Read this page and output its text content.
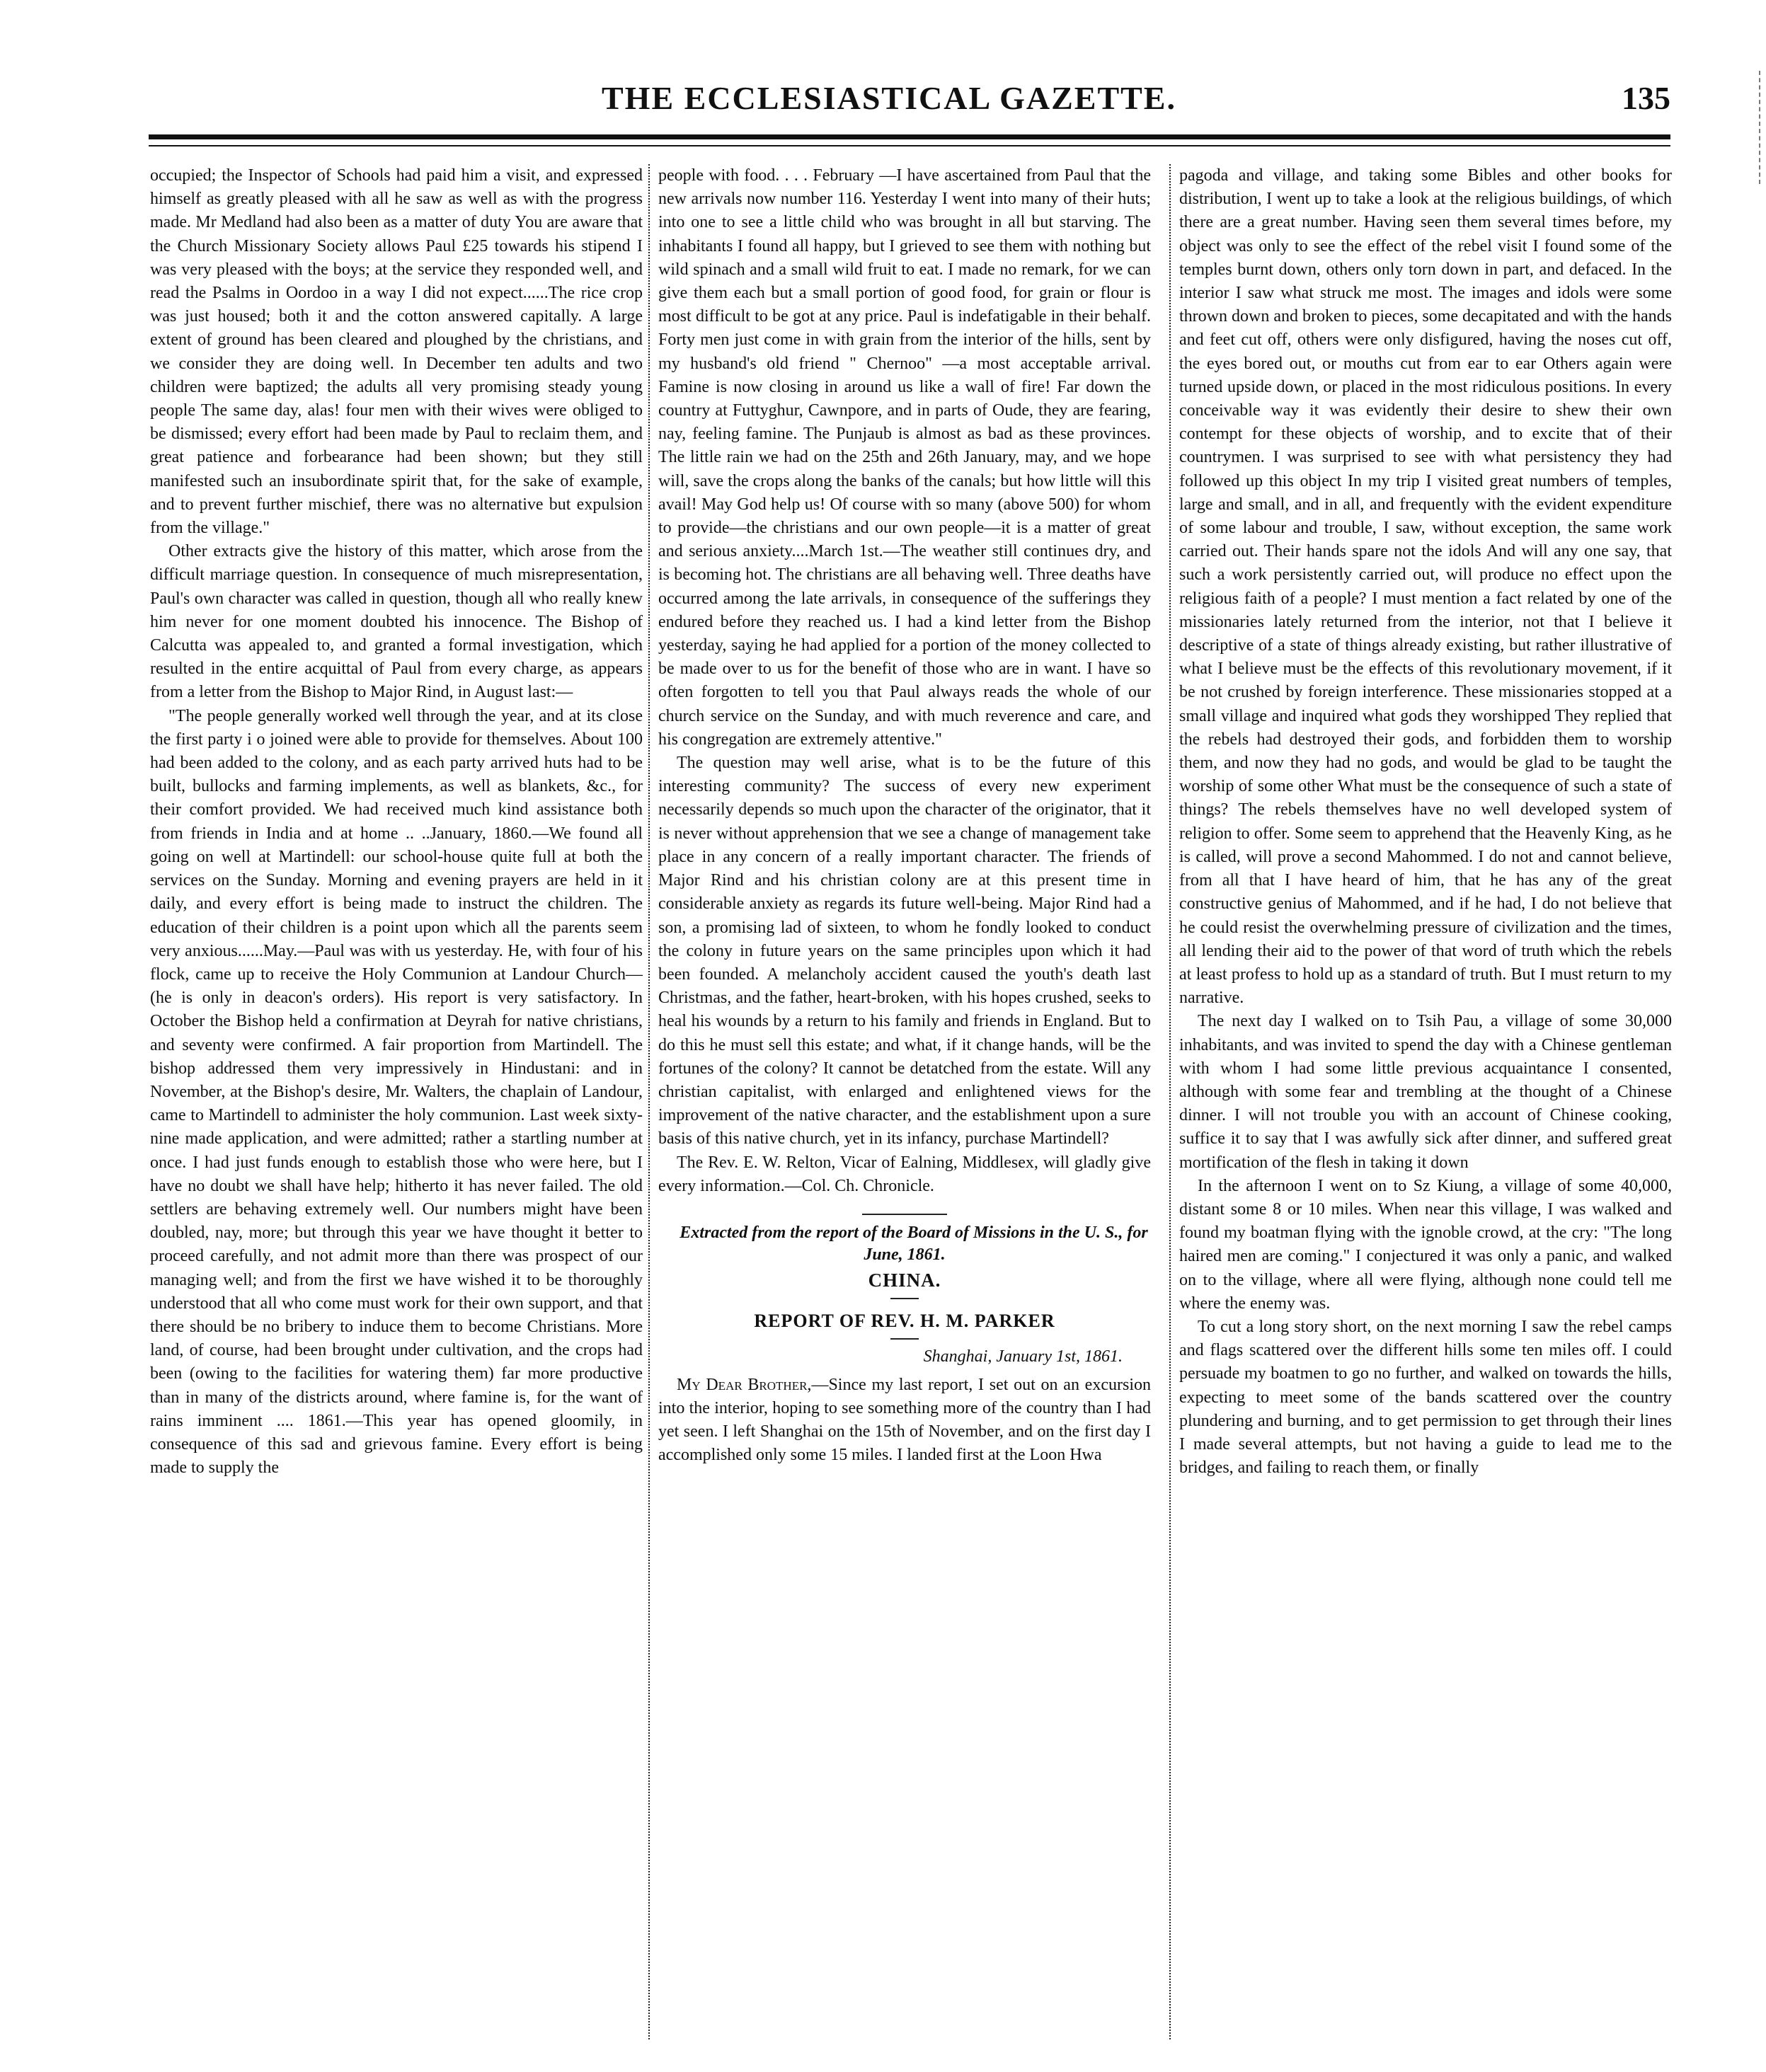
THE ECCLESIASTICAL GAZETTE.	135

occupied; the Inspector of Schools had paid him a visit, and expressed himself as greatly pleased with all he saw as well as with the progress made. Mr Medland had also been as a matter of duty You are aware that the Church Missionary Society allows Paul £25 towards his stipend I was very pleased with the boys; at the service they responded well, and read the Psalms in Oordoo in a way I did not expect......The rice crop was just housed; both it and the cotton answered capitally. A large extent of ground has been cleared and ploughed by the christians, and we consider they are doing well. In December ten adults and two children were baptized; the adults all very promising steady young people The same day, alas! four men with their wives were obliged to be dismissed; every effort had been made by Paul to reclaim them, and great patience and forbearance had been shown; but they still manifested such an insubordinate spirit that, for the sake of example, and to prevent further mischief, there was no alternative but expulsion from the village."

Other extracts give the history of this matter, which arose from the difficult marriage question. In consequence of much misrepresentation, Paul's own character was called in question, though all who really knew him never for one moment doubted his innocence. The Bishop of Calcutta was appealed to, and granted a formal investigation, which resulted in the entire acquittal of Paul from every charge, as appears from a letter from the Bishop to Major Rind, in August last:—

"The people generally worked well through the year, and at its close the first party i o joined were able to provide for themselves. About 100 had been added to the colony, and as each party arrived huts had to be built, bullocks and farming implements, as well as blankets, &c., for their comfort provided. We had received much kind assistance both from friends in India and at home .. ..January, 1860.—We found all going on well at Martindell: our school-house quite full at both the services on the Sunday. Morning and evening prayers are held in it daily, and every effort is being made to instruct the children. The education of their children is a point upon which all the parents seem very anxious......May.—Paul was with us yesterday. He, with four of his flock, came up to receive the Holy Communion at Landour Church—(he is only in deacon's orders). His report is very satisfactory. In October the Bishop held a confirmation at Deyrah for native christians, and seventy were confirmed. A fair proportion from Martindell. The bishop addressed them very impressively in Hindustani: and in November, at the Bishop's desire, Mr. Walters, the chaplain of Landour, came to Martindell to administer the holy communion. Last week sixty-nine made application, and were admitted; rather a startling number at once. I had just funds enough to establish those who were here, but I have no doubt we shall have help; hitherto it has never failed. The old settlers are behaving extremely well. Our numbers might have been doubled, nay, more; but through this year we have thought it better to proceed carefully, and not admit more than there was prospect of our managing well; and from the first we have wished it to be thoroughly understood that all who come must work for their own support, and that there should be no bribery to induce them to become Christians. More land, of course, had been brought under cultivation, and the crops had been (owing to the facilities for watering them) far more productive than in many of the districts around, where famine is, for the want of rains imminent .... 1861.—This year has opened gloomily, in consequence of this sad and grievous famine. Every effort is being made to supply the

people with food. . . . February —I have ascertained from Paul that the new arrivals now number 116. Yesterday I went into many of their huts; into one to see a little child who was brought in all but starving. The inhabitants I found all happy, but I grieved to see them with nothing but wild spinach and a small wild fruit to eat. I made no remark, for we can give them each but a small portion of good food, for grain or flour is most difficult to be got at any price. Paul is indefatigable in their behalf. Forty men just come in with grain from the interior of the hills, sent by my husband's old friend " Chernoo" —a most acceptable arrival. Famine is now closing in around us like a wall of fire! Far down the country at Futtyghur, Cawnpore, and in parts of Oude, they are fearing, nay, feeling famine. The Punjaub is almost as bad as these provinces. The little rain we had on the 25th and 26th January, may, and we hope will, save the crops along the banks of the canals; but how little will this avail! May God help us! Of course with so many (above 500) for whom to provide—the christians and our own people—it is a matter of great and serious anxiety....March 1st.—The weather still continues dry, and is becoming hot. The christians are all behaving well. Three deaths have occurred among the late arrivals, in consequence of the sufferings they endured before they reached us. I had a kind letter from the Bishop yesterday, saying he had applied for a portion of the money collected to be made over to us for the benefit of those who are in want. I have so often forgotten to tell you that Paul always reads the whole of our church service on the Sunday, and with much reverence and care, and his congregation are extremely attentive."

The question may well arise, what is to be the future of this interesting community? The success of every new experiment necessarily depends so much upon the character of the originator, that it is never without apprehension that we see a change of management take place in any concern of a really important character. The friends of Major Rind and his christian colony are at this present time in considerable anxiety as regards its future well-being. Major Rind had a son, a promising lad of sixteen, to whom he fondly looked to conduct the colony in future years on the same principles upon which it had been founded. A melancholy accident caused the youth's death last Christmas, and the father, heart-broken, with his hopes crushed, seeks to heal his wounds by a return to his family and friends in England. But to do this he must sell this estate; and what, if it change hands, will be the fortunes of the colony? It cannot be detatched from the estate. Will any christian capitalist, with enlarged and enlightened views for the improvement of the native character, and the establishment upon a sure basis of this native church, yet in its infancy, purchase Martindell?

The Rev. E. W. Relton, Vicar of Ealning, Middlesex, will gladly give every information.—Col. Ch. Chronicle.

Extracted from the report of the Board of Missions in the U. S., for June, 1861.

CHINA.
REPORT OF REV. H. M. PARKER
Shanghai, January 1st, 1861.

My Dear Brother,—Since my last report, I set out on an excursion into the interior, hoping to see something more of the country than I had yet seen. I left Shanghai on the 15th of November, and on the first day I accomplished only some 15 miles. I landed first at the Loon Hwa

pagoda and village, and taking some Bibles and other books for distribution, I went up to take a look at the religious buildings, of which there are a great number. Having seen them several times before, my object was only to see the effect of the rebel visit I found some of the temples burnt down, others only torn down in part, and defaced. In the interior I saw what struck me most. The images and idols were some thrown down and broken to pieces, some decapitated and with the hands and feet cut off, others were only disfigured, having the noses cut off, the eyes bored out, or mouths cut from ear to ear Others again were turned upside down, or placed in the most ridiculous positions. In every conceivable way it was evidently their desire to shew their own contempt for these objects of worship, and to excite that of their countrymen. I was surprised to see with what persistency they had followed up this object In my trip I visited great numbers of temples, large and small, and in all, and frequently with the evident expenditure of some labour and trouble, I saw, without exception, the same work carried out. Their hands spare not the idols And will any one say, that such a work persistently carried out, will produce no effect upon the religious faith of a people? I must mention a fact related by one of the missionaries lately returned from the interior, not that I believe it descriptive of a state of things already existing, but rather illustrative of what I believe must be the effects of this revolutionary movement, if it be not crushed by foreign interference. These missionaries stopped at a small village and inquired what gods they worshipped They replied that the rebels had destroyed their gods, and forbidden them to worship them, and now they had no gods, and would be glad to be taught the worship of some other What must be the consequence of such a state of things? The rebels themselves have no well developed system of religion to offer. Some seem to apprehend that the Heavenly King, as he is called, will prove a second Mahommed. I do not and cannot believe, from all that I have heard of him, that he has any of the great constructive genius of Mahommed, and if he had, I do not believe that he could resist the overwhelming pressure of civilization and the times, all lending their aid to the power of that word of truth which the rebels at least profess to hold up as a standard of truth. But I must return to my narrative.

The next day I walked on to Tsih Pau, a village of some 30,000 inhabitants, and was invited to spend the day with a Chinese gentleman with whom I had some little previous acquaintance I consented, although with some fear and trembling at the thought of a Chinese dinner. I will not trouble you with an account of Chinese cooking, suffice it to say that I was awfully sick after dinner, and suffered great mortification of the flesh in taking it down

In the afternoon I went on to Sz Kiung, a village of some 40,000, distant some 8 or 10 miles. When near this village, I was walked and found my boatman flying with the ignoble crowd, at the cry: "The long haired men are coming." I conjectured it was only a panic, and walked on to the village, where all were flying, although none could tell me where the enemy was.

To cut a long story short, on the next morning I saw the rebel camps and flags scattered over the different hills some ten miles off. I could persuade my boatmen to go no further, and walked on towards the hills, expecting to meet some of the bands scattered over the country plundering and burning, and to get permission to get through their lines I made several attempts, but not having a guide to lead me to the bridges, and failing to reach them, or finally
